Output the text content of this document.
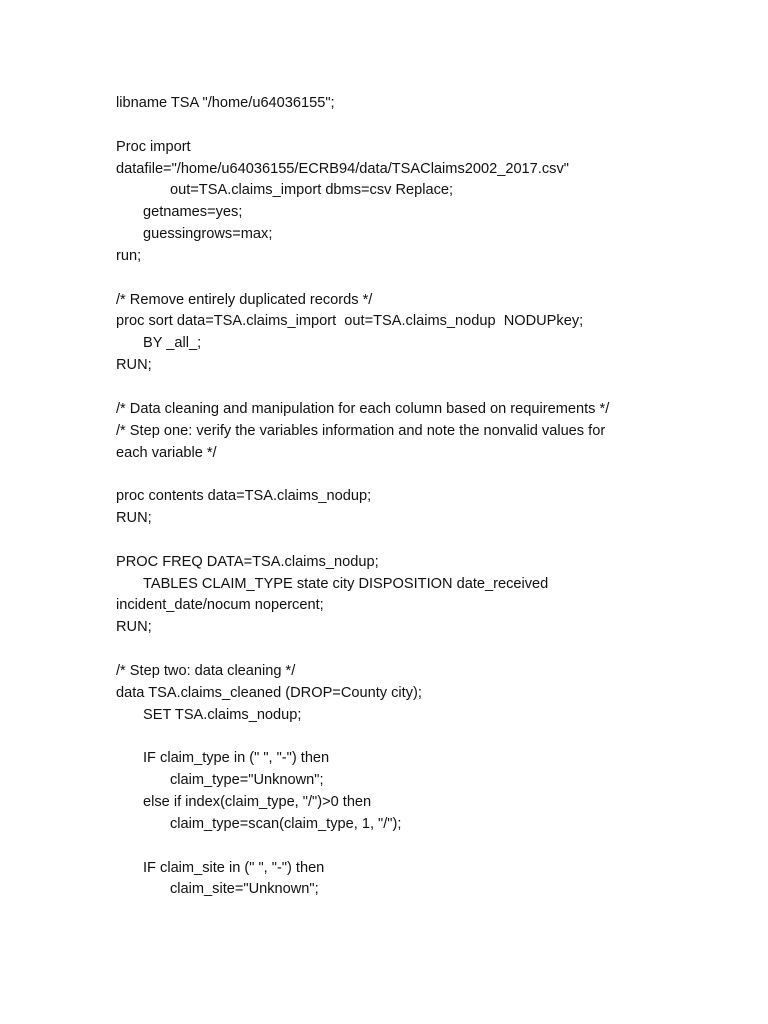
libname TSA "/home/u64036155";
Proc import
datafile="/home/u64036155/ECRB94/data/TSAClaims2002_2017.csv"
out=TSA.claims_import dbms=csv Replace;
getnames=yes;
guessingrows=max;
run;
/* Remove entirely duplicated records */
proc sort data=TSA.claims_import  out=TSA.claims_nodup  NODUPkey;
BY _all_;
RUN;
/* Data cleaning and manipulation for each column based on requirements */
/* Step one: verify the variables information and note the nonvalid values for
each variable */
proc contents data=TSA.claims_nodup;
RUN;
PROC FREQ DATA=TSA.claims_nodup;
TABLES CLAIM_TYPE state city DISPOSITION date_received
incident_date/nocum nopercent;
RUN;
/* Step two: data cleaning */
data TSA.claims_cleaned (DROP=County city);
SET TSA.claims_nodup;
IF claim_type in (" ", "-") then
claim_type="Unknown";
else if index(claim_type, "/")>0 then
claim_type=scan(claim_type, 1, "/");
IF claim_site in (" ", "-") then
claim_site="Unknown";
